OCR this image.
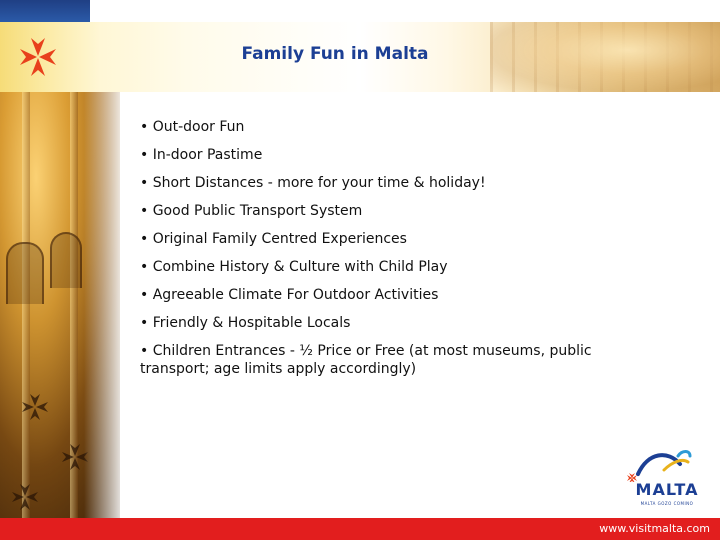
Family Fun in Malta
• Out-door Fun
• In-door Pastime
• Short Distances - more for your time & holiday!
• Good Public Transport System
• Original Family Centred Experiences
• Combine History & Culture with Child Play
• Agreeable Climate For Outdoor Activities
• Friendly & Hospitable Locals
• Children Entrances - ½ Price or Free (at most museums, public transport; age limits apply accordingly)
MALTA
MALTA GOZO COMINO
www.visitmalta.com
